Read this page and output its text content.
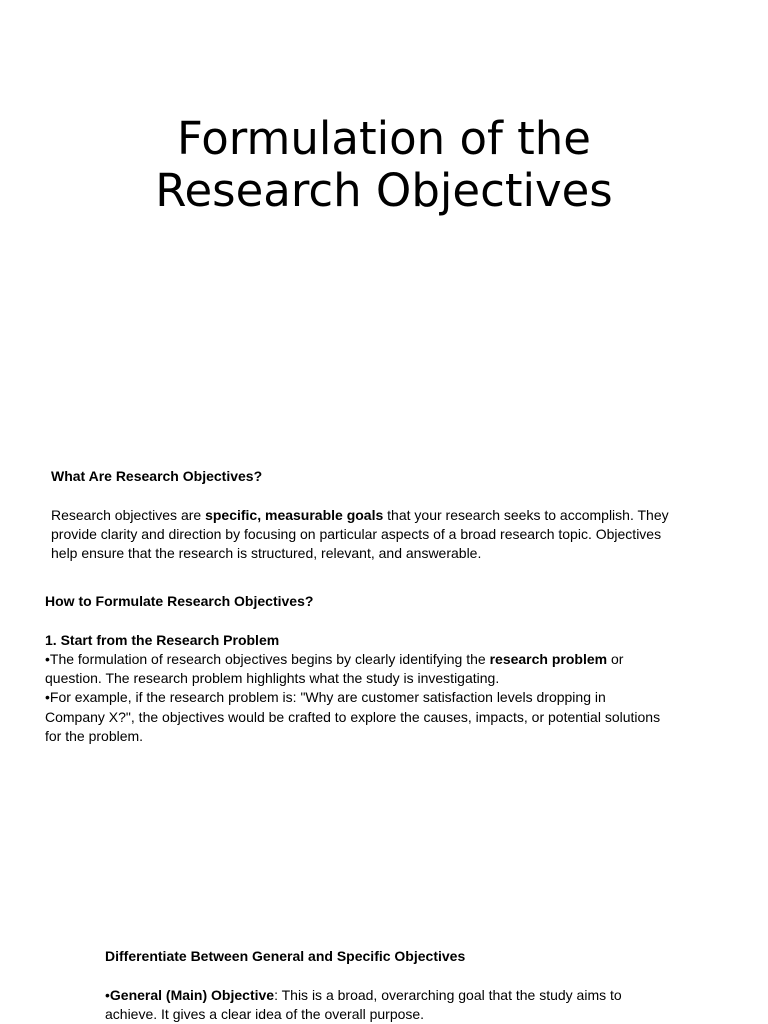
Formulation of the
Research Objectives

What Are Research Objectives?

Research objectives are specific, measurable goals that your research seeks to accomplish. They

provide clarity and direction by focusing on particular aspects of a broad research topic. Objectives

help ensure that the research is structured, relevant, and answerable.

How to Formulate Research Objectives?

1. Start from the Research Problem

•The formulation of research objectives begins by clearly identifying the research problem or

question. The research problem highlights what the study is investigating.

•For example, if the research problem is: "Why are customer satisfaction levels dropping in

Company X?", the objectives would be crafted to explore the causes, impacts, or potential solutions

for the problem.

Differentiate Between General and Specific Objectives

•General (Main) Objective: This is a broad, overarching goal that the study aims to

achieve. It gives a clear idea of the overall purpose.
